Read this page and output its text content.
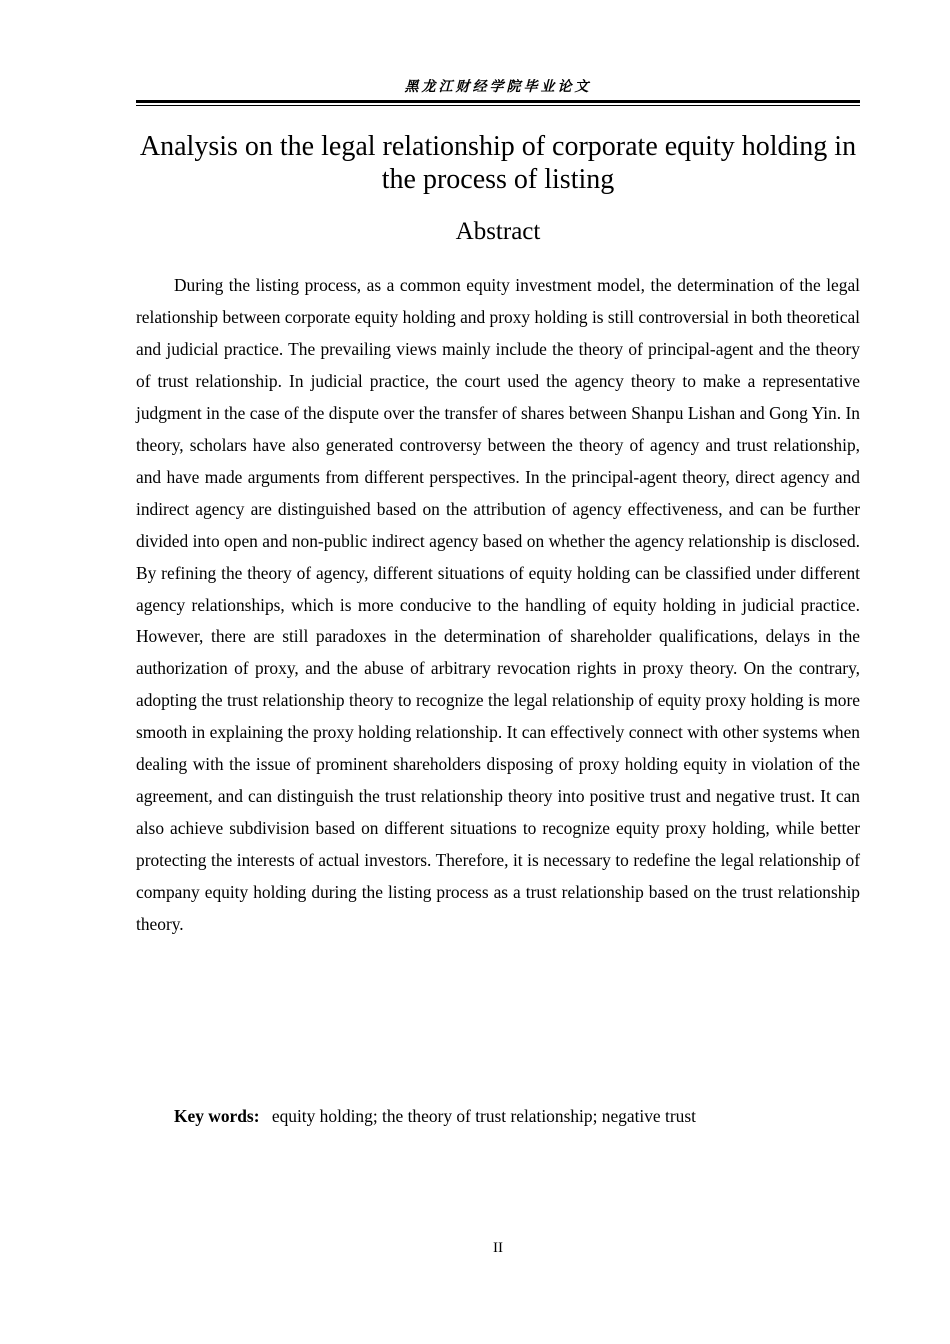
黑龙江财经学院毕业论文
Analysis on the legal relationship of corporate equity holding in the process of listing
Abstract

During the listing process, as a common equity investment model, the determination of the legal relationship between corporate equity holding and proxy holding is still controversial in both theoretical and judicial practice. The prevailing views mainly include the theory of principal-agent and the theory of trust relationship. In judicial practice, the court used the agency theory to make a representative judgment in the case of the dispute over the transfer of shares between Shanpu Lishan and Gong Yin. In theory, scholars have also generated controversy between the theory of agency and trust relationship, and have made arguments from different perspectives. In the principal-agent theory, direct agency and indirect agency are distinguished based on the attribution of agency effectiveness, and can be further divided into open and non-public indirect agency based on whether the agency relationship is disclosed. By refining the theory of agency, different situations of equity holding can be classified under different agency relationships, which is more conducive to the handling of equity holding in judicial practice. However, there are still paradoxes in the determination of shareholder qualifications, delays in the authorization of proxy, and the abuse of arbitrary revocation rights in proxy theory. On the contrary, adopting the trust relationship theory to recognize the legal relationship of equity proxy holding is more smooth in explaining the proxy holding relationship. It can effectively connect with other systems when dealing with the issue of prominent shareholders disposing of proxy holding equity in violation of the agreement, and can distinguish the trust relationship theory into positive trust and negative trust. It can also achieve subdivision based on different situations to recognize equity proxy holding, while better protecting the interests of actual investors. Therefore, it is necessary to redefine the legal relationship of company equity holding during the listing process as a trust relationship based on the trust relationship theory.

Key words: equity holding; the theory of trust relationship; negative trust

II
